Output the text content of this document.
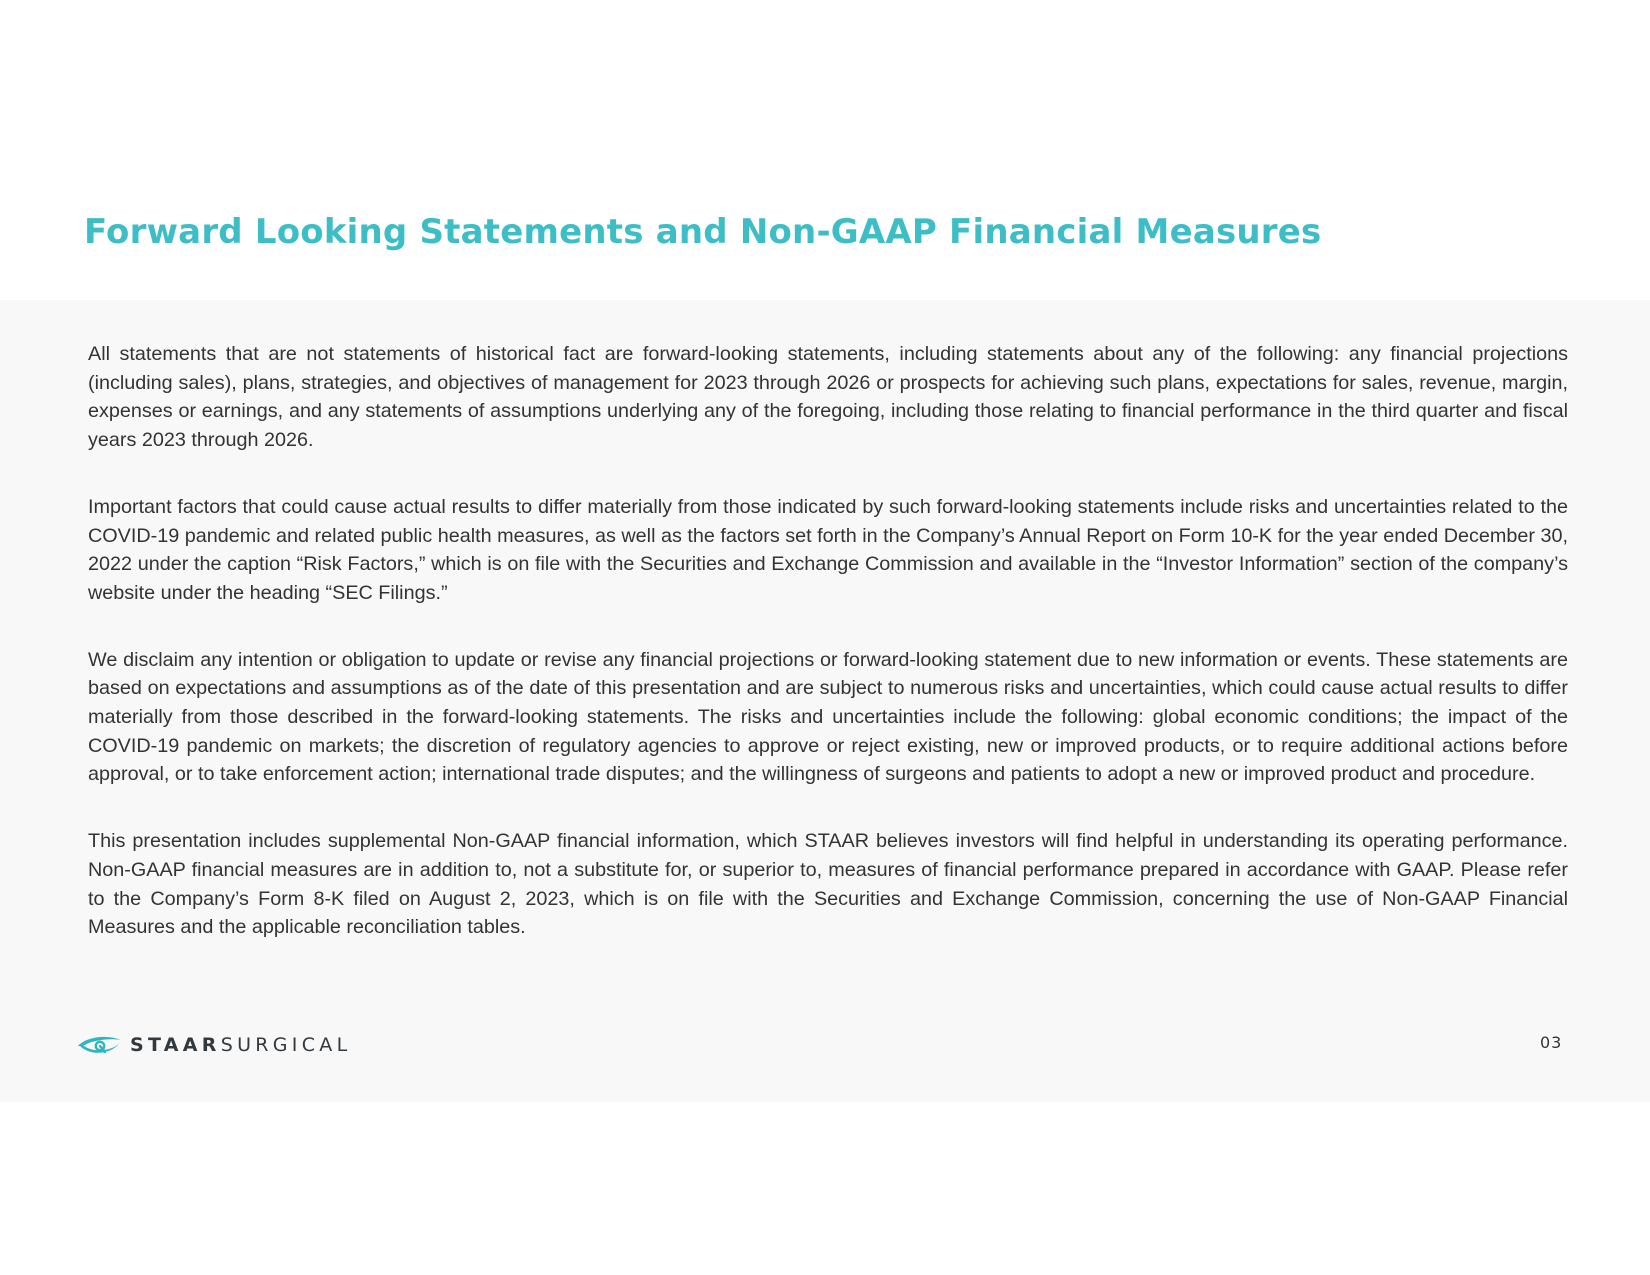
Forward Looking Statements and Non-GAAP Financial Measures

All statements that are not statements of historical fact are forward-looking statements, including statements about any of the following: any financial projections (including sales), plans, strategies, and objectives of management for 2023 through 2026 or prospects for achieving such plans, expectations for sales, revenue, margin, expenses or earnings, and any statements of assumptions underlying any of the foregoing, including those relating to financial performance in the third quarter and fiscal years 2023 through 2026.

Important factors that could cause actual results to differ materially from those indicated by such forward-looking statements include risks and uncertainties related to the COVID-19 pandemic and related public health measures, as well as the factors set forth in the Company’s Annual Report on Form 10-K for the year ended December 30, 2022 under the caption “Risk Factors,” which is on file with the Securities and Exchange Commission and available in the “Investor Information” section of the company’s website under the heading “SEC Filings.”

We disclaim any intention or obligation to update or revise any financial projections or forward-looking statement due to new information or events. These statements are based on expectations and assumptions as of the date of this presentation and are subject to numerous risks and uncertainties, which could cause actual results to differ materially from those described in the forward-looking statements. The risks and uncertainties include the following: global economic conditions; the impact of the COVID-19 pandemic on markets; the discretion of regulatory agencies to approve or reject existing, new or improved products, or to require additional actions before approval, or to take enforcement action; international trade disputes; and the willingness of surgeons and patients to adopt a new or improved product and procedure.

This presentation includes supplemental Non-GAAP financial information, which STAAR believes investors will find helpful in understanding its operating performance. Non-GAAP financial measures are in addition to, not a substitute for, or superior to, measures of financial performance prepared in accordance with GAAP. Please refer to the Company’s Form 8-K filed on August 2, 2023, which is on file with the Securities and Exchange Commission, concerning the use of Non-GAAP Financial Measures and the applicable reconciliation tables.

STAARSURGICAL	03
